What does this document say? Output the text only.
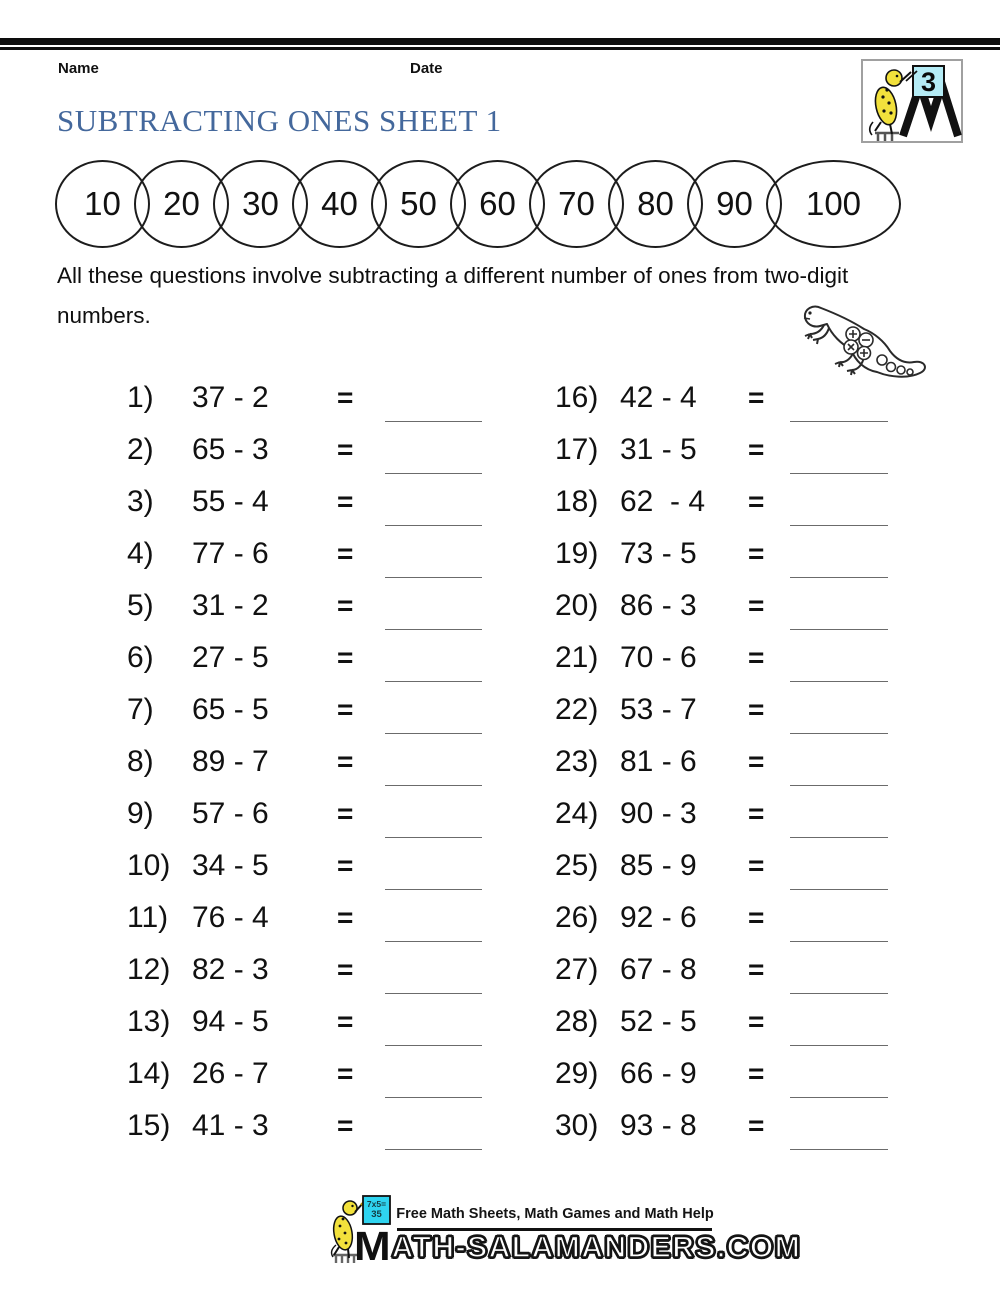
Name	Date	3
SUBTRACTING ONES SHEET 1
10	20	30	40	50	60	70	80	90	100

All these questions involve subtracting a different number of ones from two-digit numbers.

1)	37 - 2	=
2)	65 - 3	=
3)	55 - 4	=
4)	77 - 6	=
5)	31 - 2	=
6)	27 - 5	=
7)	65 - 5	=
8)	89 - 7	=
9)	57 - 6	=
10) 34 - 5	=
11) 76 - 4	=
12) 82 - 3	=
13) 94 - 5	=
14) 26 - 7	=
15) 41 - 3	=
16) 42 - 4	=
17) 31 - 5	=
18) 62  - 4	=
19) 73 - 5	=
20) 86 - 3	=
21) 70 - 6	=
22) 53 - 7	=
23) 81 - 6	=
24) 90 - 3	=
25) 85 - 9	=
26) 92 - 6	=
27) 67 - 8	=
28) 52 - 5	=
29) 66 - 9	=
30) 93 - 8	=
7x5=
35 Free Math Sheets, Math Games and Math Help
M ATH-SALAMANDERS.COM
